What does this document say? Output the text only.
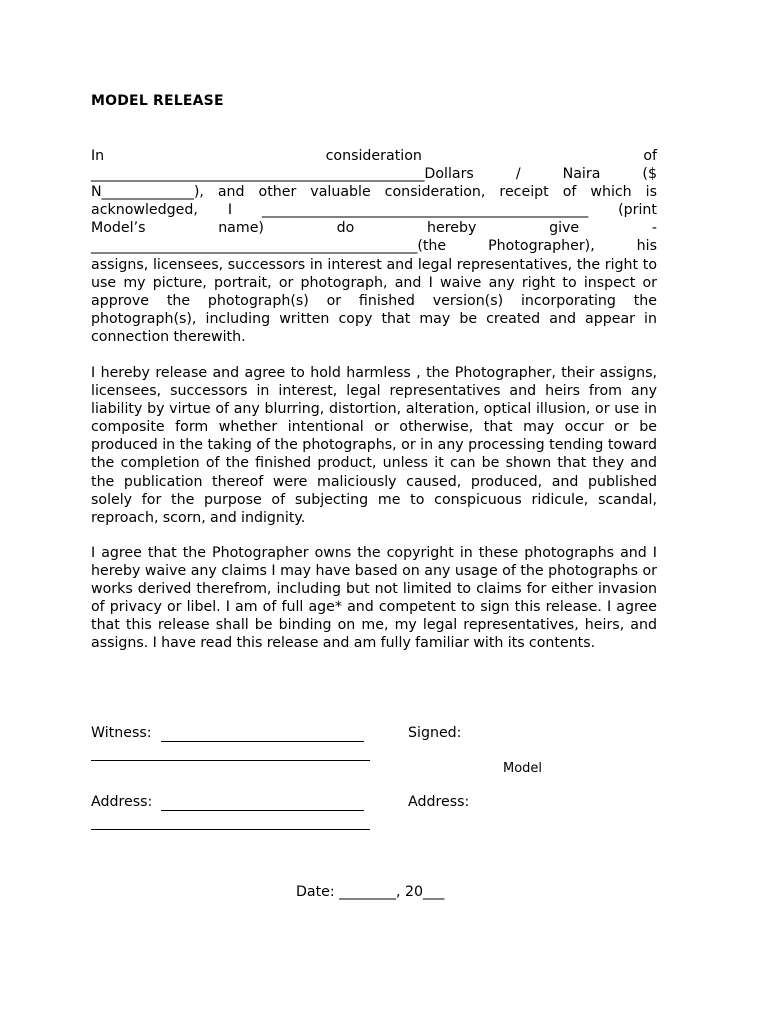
MODEL RELEASE
In	consideration	of
_______________________________________________Dollars / Naira ($
N_____________), and other valuable consideration, receipt of which is
acknowledged, I ______________________________________________ (print
Model’s	name)	do	hereby	give	-
______________________________________________(the Photographer), his
assigns, licensees, successors in interest and legal representatives, the right to use my picture, portrait, or photograph, and I waive any right to inspect or approve the photograph(s) or finished version(s) incorporating the photograph(s), including written copy that may be created and appear in connection therewith.
I hereby release and agree to hold harmless , the Photographer, their assigns, licensees, successors in interest, legal representatives and heirs from any liability by virtue of any blurring, distortion, alteration, optical illusion, or use in composite form whether intentional or otherwise, that may occur or be produced in the taking of the photographs, or in any processing tending toward the completion of the finished product, unless it can be shown that they and the publication thereof were maliciously caused, produced, and published solely for the purpose of subjecting me to conspicuous ridicule, scandal, reproach, scorn, and indignity.
I agree that the Photographer owns the copyright in these photographs and I hereby waive any claims I may have based on any usage of the photographs or works derived therefrom, including but not limited to claims for either invasion of privacy or libel. I am of full age* and competent to sign this release. I agree that this release shall be binding on me, my legal representatives, heirs, and assigns. I have read this release and am fully familiar with its contents.
Witness:	Signed:
Model
Address:	Address:
Date: ________, 20___
